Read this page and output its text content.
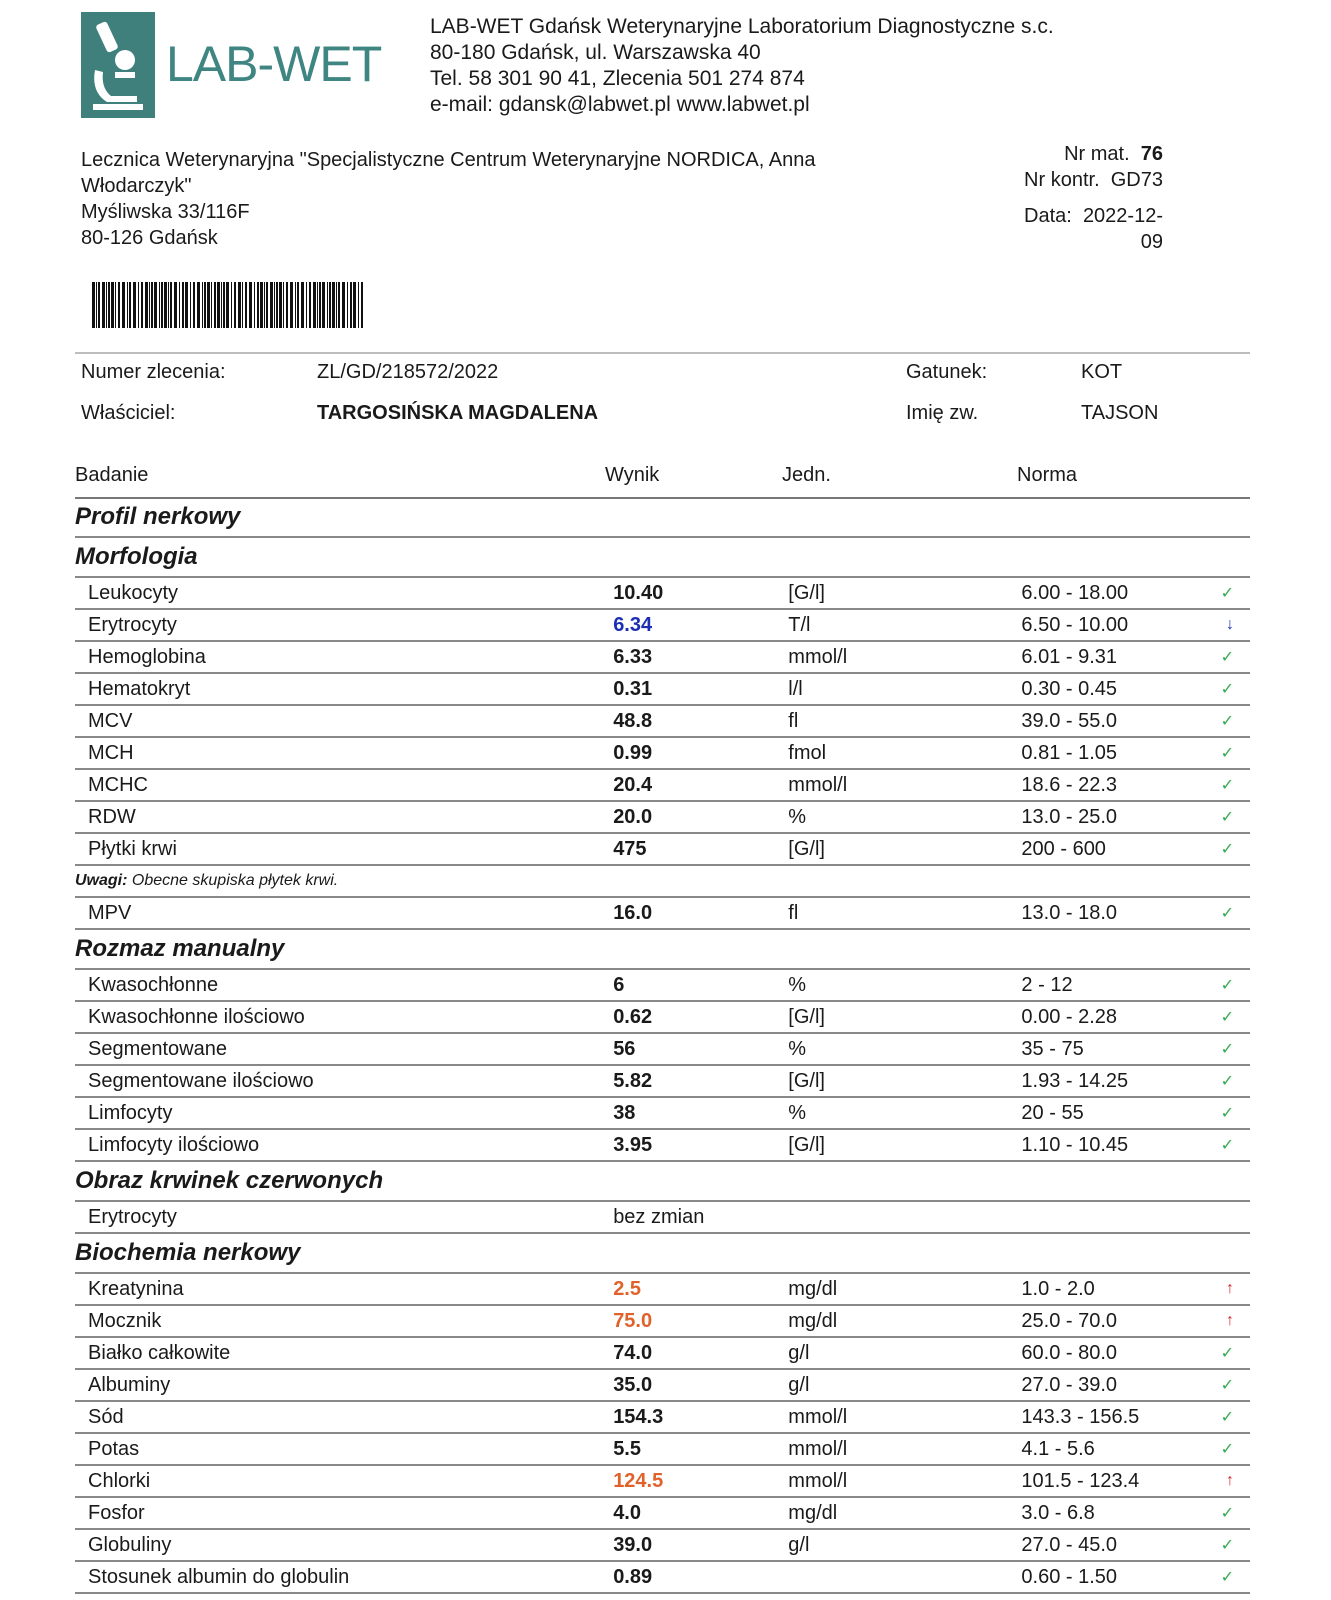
LAB-WET
LAB-WET Gdańsk Weterynaryjne Laboratorium Diagnostyczne s.c.
80-180 Gdańsk, ul. Warszawska 40
Tel. 58 301 90 41, Zlecenia 501 274 874
e-mail: gdansk@labwet.pl www.labwet.pl
Lecznica Weterynaryjna "Specjalistyczne Centrum Weterynaryjne NORDICA, Anna Włodarczyk"
Myśliwska 33/116F
80-126 Gdańsk
Nr mat. 76
Nr kontr. GD73
Data: 2022-12-
09
Numer zlecenia:	ZL/GD/218572/2022
Właściciel:	TARGOSIŃSKA MAGDALENA
Gatunek:	KOT
Imię zw.	TAJSON
Badanie	Wynik	Jedn.	Norma
Profil nerkowy				
Morfologia				
Leukocyty	10.40	[G/l]	6.00 - 18.00	✓
Erytrocyty	6.34	T/l	6.50 - 10.00	↓
Hemoglobina	6.33	mmol/l	6.01 - 9.31	✓
Hematokryt	0.31	l/l	0.30 - 0.45	✓
MCV	48.8	fl	39.0 - 55.0	✓
MCH	0.99	fmol	0.81 - 1.05	✓
MCHC	20.4	mmol/l	18.6 - 22.3	✓
RDW	20.0	%	13.0 - 25.0	✓
Płytki krwi	475	[G/l]	200 - 600	✓
Uwagi: Obecne skupiska płytek krwi.				
MPV	16.0	fl	13.0 - 18.0	✓
Rozmaz manualny				
Kwasochłonne	6	%	2 - 12	✓
Kwasochłonne ilościowo	0.62	[G/l]	0.00 - 2.28	✓
Segmentowane	56	%	35 - 75	✓
Segmentowane ilościowo	5.82	[G/l]	1.93 - 14.25	✓
Limfocyty	38	%	20 - 55	✓
Limfocyty ilościowo	3.95	[G/l]	1.10 - 10.45	✓
Obraz krwinek czerwonych				
Erytrocyty	bez zmian			
Biochemia nerkowy				
Kreatynina	2.5	mg/dl	1.0 - 2.0	↑
Mocznik	75.0	mg/dl	25.0 - 70.0	↑
Białko całkowite	74.0	g/l	60.0 - 80.0	✓
Albuminy	35.0	g/l	27.0 - 39.0	✓
Sód	154.3	mmol/l	143.3 - 156.5	✓
Potas	5.5	mmol/l	4.1 - 5.6	✓
Chlorki	124.5	mmol/l	101.5 - 123.4	↑
Fosfor	4.0	mg/dl	3.0 - 6.8	✓
Globuliny	39.0	g/l	27.0 - 45.0	✓
Stosunek albumin do globulin	0.89		0.60 - 1.50	✓
